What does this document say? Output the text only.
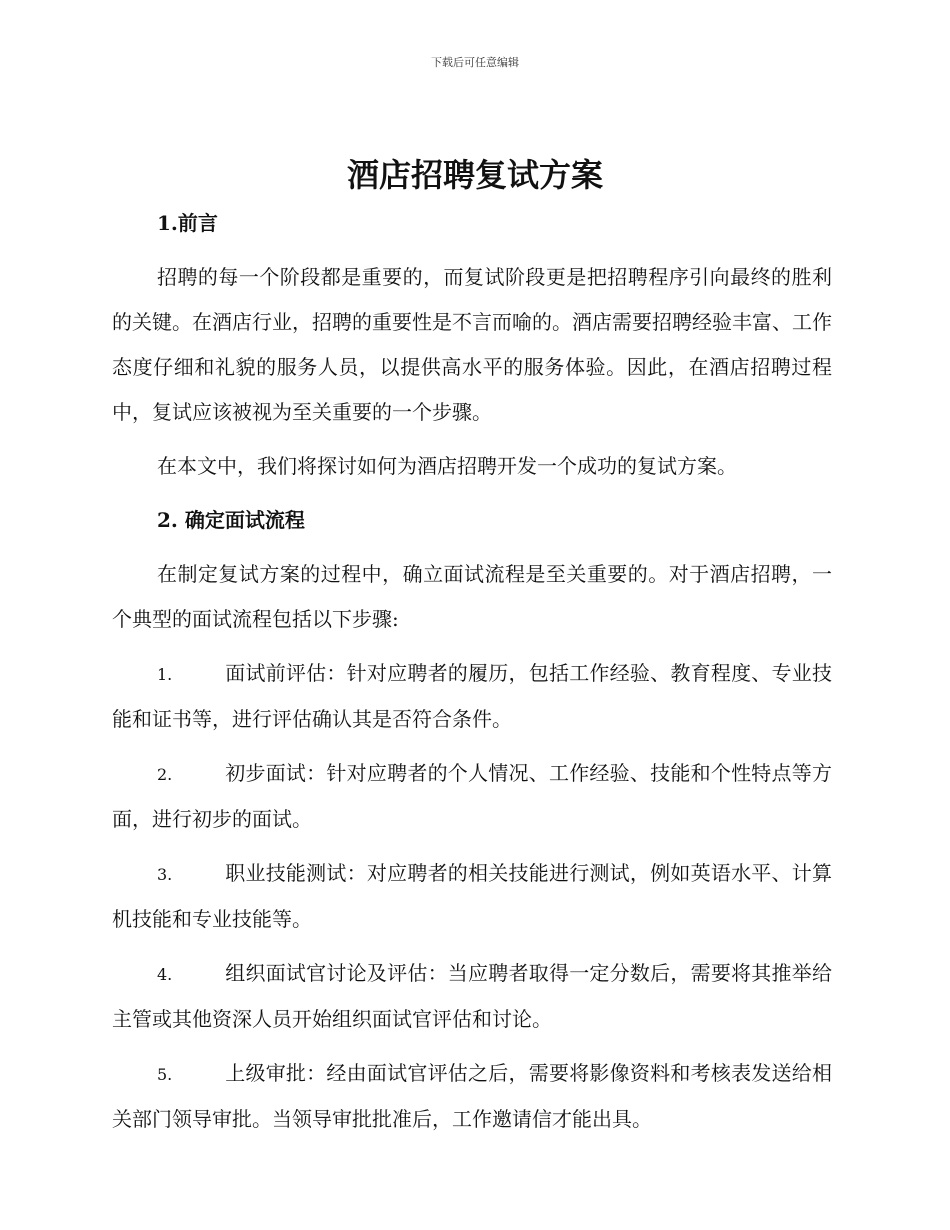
下载后可任意编辑
酒店招聘复试方案

1.前言

招聘的每一个阶段都是重要的，而复试阶段更是把招聘程序引向最终的胜利的关键。在酒店行业，招聘的重要性是不言而喻的。酒店需要招聘经验丰富、工作态度仔细和礼貌的服务人员，以提供高水平的服务体验。因此，在酒店招聘过程中，复试应该被视为至关重要的一个步骤。

在本文中，我们将探讨如何为酒店招聘开发一个成功的复试方案。

2. 确定面试流程

在制定复试方案的过程中，确立面试流程是至关重要的。对于酒店招聘，一个典型的面试流程包括以下步骤:

1.	面试前评估：针对应聘者的履历，包括工作经验、教育程度、专业技能和证书等，进行评估确认其是否符合条件。

2.	初步面试：针对应聘者的个人情况、工作经验、技能和个性特点等方面，进行初步的面试。

3.	职业技能测试：对应聘者的相关技能进行测试，例如英语水平、计算机技能和专业技能等。

4.	组织面试官讨论及评估：当应聘者取得一定分数后，需要将其推举给主管或其他资深人员开始组织面试官评估和讨论。

5.	上级审批：经由面试官评估之后，需要将影像资料和考核表发送给相关部门领导审批。当领导审批批准后，工作邀请信才能出具。
